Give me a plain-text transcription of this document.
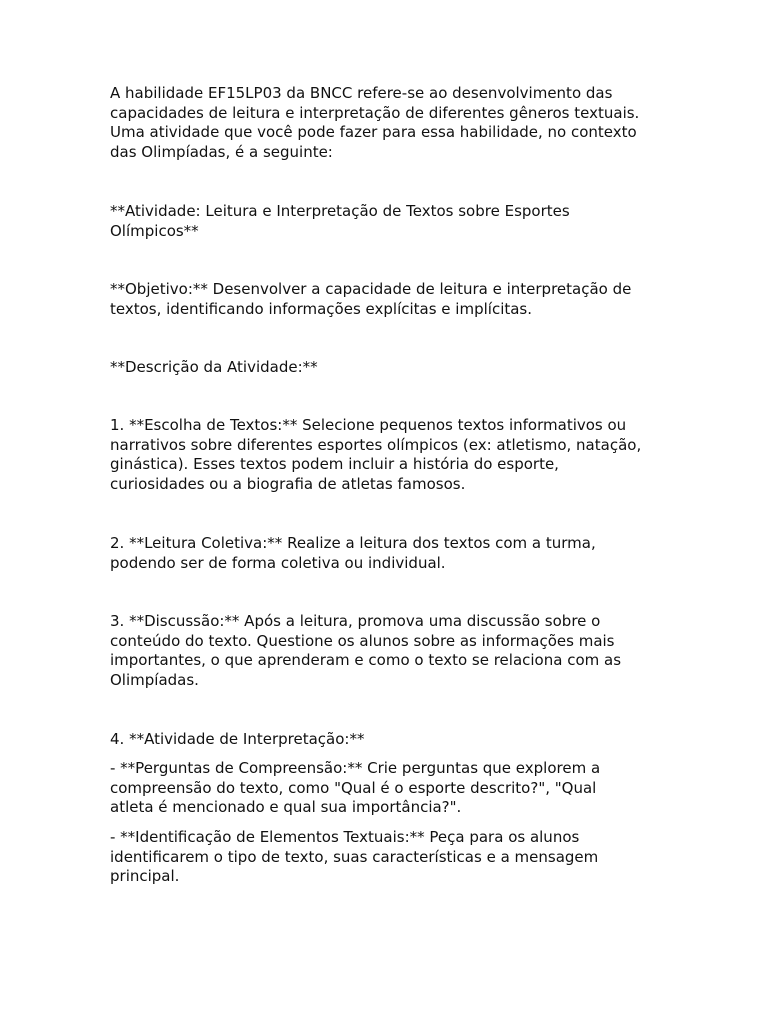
A habilidade EF15LP03 da BNCC refere-se ao desenvolvimento das
capacidades de leitura e interpretação de diferentes gêneros textuais.
Uma atividade que você pode fazer para essa habilidade, no contexto
das Olimpíadas, é a seguinte:

**Atividade: Leitura e Interpretação de Textos sobre Esportes
Olímpicos**

**Objetivo:** Desenvolver a capacidade de leitura e interpretação de
textos, identificando informações explícitas e implícitas.

**Descrição da Atividade:**

1. **Escolha de Textos:** Selecione pequenos textos informativos ou
narrativos sobre diferentes esportes olímpicos (ex: atletismo, natação,
ginástica). Esses textos podem incluir a história do esporte,
curiosidades ou a biografia de atletas famosos.

2. **Leitura Coletiva:** Realize a leitura dos textos com a turma,
podendo ser de forma coletiva ou individual.

3. **Discussão:** Após a leitura, promova uma discussão sobre o
conteúdo do texto. Questione os alunos sobre as informações mais
importantes, o que aprenderam e como o texto se relaciona com as
Olimpíadas.

4. **Atividade de Interpretação:**

- **Perguntas de Compreensão:** Crie perguntas que explorem a
compreensão do texto, como "Qual é o esporte descrito?", "Qual
atleta é mencionado e qual sua importância?".

- **Identificação de Elementos Textuais:** Peça para os alunos
identificarem o tipo de texto, suas características e a mensagem
principal.
